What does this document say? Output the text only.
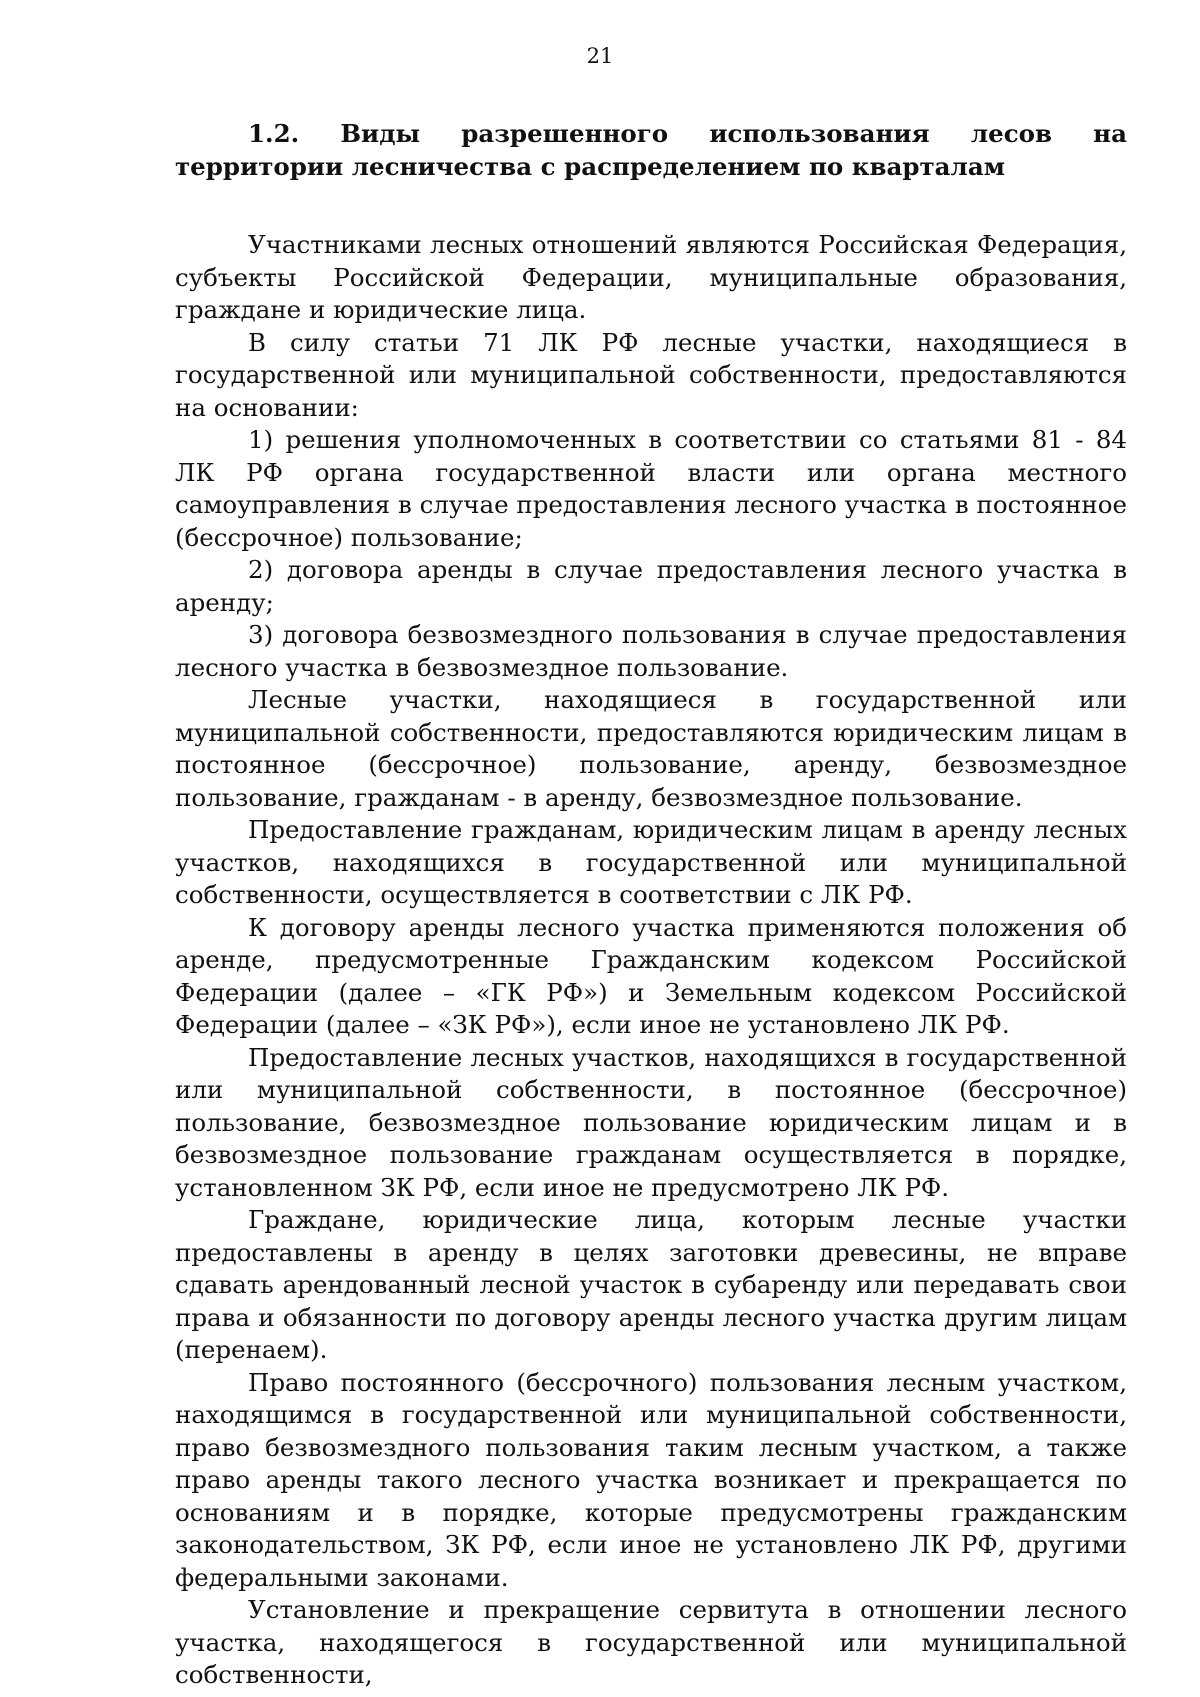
21

1.2. Виды разрешенного использования лесов на территории лесничества с распределением по кварталам

Участниками лесных отношений являются Российская Федерация, субъекты Российской Федерации, муниципальные образования, граждане и юридические лица.

В силу статьи 71 ЛК РФ лесные участки, находящиеся в государственной или муниципальной собственности, предоставляются на основании:

1) решения уполномоченных в соответствии со статьями 81 - 84 ЛК РФ органа государственной власти или органа местного самоуправления в случае предоставления лесного участка в постоянное (бессрочное) пользование;

2) договора аренды в случае предоставления лесного участка в аренду;

3) договора безвозмездного пользования в случае предоставления лесного участка в безвозмездное пользование.

Лесные участки, находящиеся в государственной или муниципальной собственности, предоставляются юридическим лицам в постоянное (бессрочное) пользование, аренду, безвозмездное пользование, гражданам - в аренду, безвозмездное пользование.

Предоставление гражданам, юридическим лицам в аренду лесных участков, находящихся в государственной или муниципальной собственности, осуществляется в соответствии с ЛК РФ.

К договору аренды лесного участка применяются положения об аренде, предусмотренные Гражданским кодексом Российской Федерации (далее – «ГК РФ») и Земельным кодексом Российской Федерации (далее – «ЗК РФ»), если иное не установлено ЛК РФ.

Предоставление лесных участков, находящихся в государственной или муниципальной собственности, в постоянное (бессрочное) пользование, безвозмездное пользование юридическим лицам и в безвозмездное пользование гражданам осуществляется в порядке, установленном ЗК РФ, если иное не предусмотрено ЛК РФ.

Граждане, юридические лица, которым лесные участки предоставлены в аренду в целях заготовки древесины, не вправе сдавать арендованный лесной участок в субаренду или передавать свои права и обязанности по договору аренды лесного участка другим лицам (перенаем).

Право постоянного (бессрочного) пользования лесным участком, находящимся в государственной или муниципальной собственности, право безвозмездного пользования таким лесным участком, а также право аренды такого лесного участка возникает и прекращается по основаниям и в порядке, которые предусмотрены гражданским законодательством, ЗК РФ, если иное не установлено ЛК РФ, другими федеральными законами.

Установление и прекращение сервитута в отношении лесного участка, находящегося в государственной или муниципальной собственности,
